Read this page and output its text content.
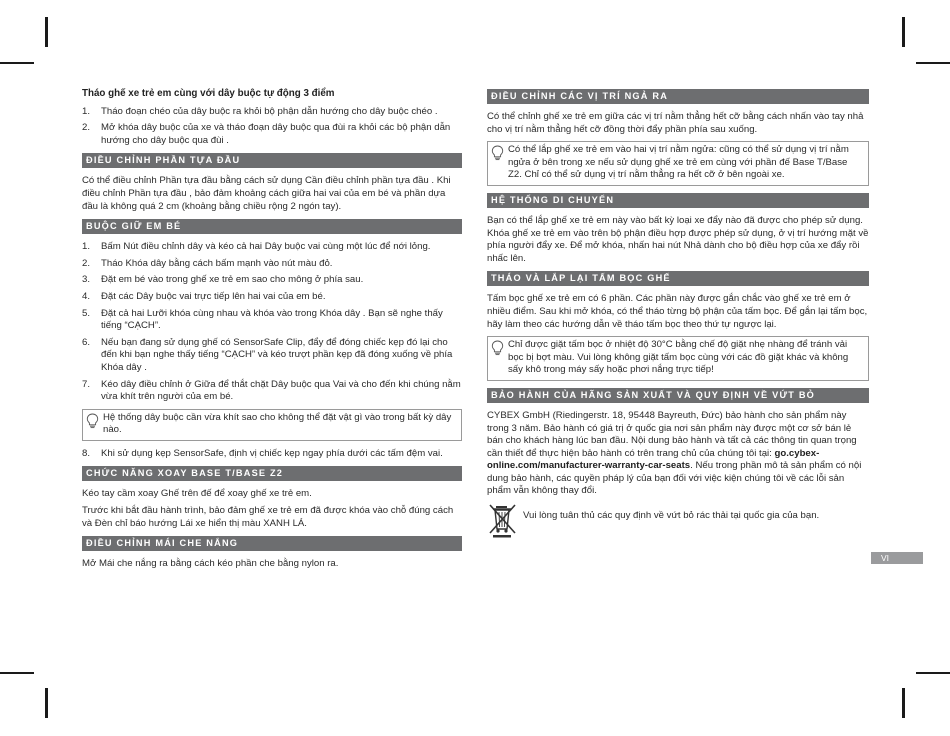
Tháo ghế xe trẻ em cùng với dây buộc tự động 3 điểm
1. Tháo đoạn chéo của dây buộc ra khỏi bộ phận dẫn hướng cho dây buộc chéo .
2. Mở khóa dây buộc của xe và tháo đoạn dây buộc qua đùi ra khỏi các bộ phận dẫn hướng cho dây buộc qua đùi .
ĐIỀU CHỈNH PHẦN TỰA ĐẦU
Có thể điều chỉnh Phần tựa đầu bằng cách sử dụng Cần điều chỉnh phần tựa đầu . Khi điều chỉnh Phần tựa đầu , bảo đảm khoảng cách giữa hai vai của em bé và phần dựa đầu là không quá 2 cm (khoảng bằng chiều rộng 2 ngón tay).
BUỘC GIỮ EM BÉ
1. Bấm Nút điều chỉnh dây và kéo cả hai Dây buộc vai cùng một lúc để nới lỏng.
2. Tháo Khóa dây bằng cách bấm mạnh vào nút màu đỏ.
3. Đặt em bé vào trong ghế xe trẻ em sao cho mông ở phía sau.
4. Đặt các Dây buộc vai trực tiếp lên hai vai của em bé.
5. Đặt cả hai Lưỡi khóa cùng nhau và khóa vào trong Khóa dây . Bạn sẽ nghe thấy tiếng “CẠCH”.
6. Nếu bạn đang sử dụng ghế có SensorSafe Clip, đẩy để đóng chiếc kẹp đó lại cho đến khi bạn nghe thấy tiếng “CẠCH” và kéo trượt phần kẹp đã đóng xuống về phía Khóa dây .
7. Kéo dây điều chỉnh ở Giữa để thắt chặt Dây buộc qua Vai và cho đến khi chúng nằm vừa khít trên người của em bé.
Hệ thống dây buộc cần vừa khít sao cho không thể đặt vật gì vào trong bất kỳ dây nào.
8. Khi sử dụng kẹp SensorSafe, định vị chiếc kẹp ngay phía dưới các tấm đệm vai.
CHỨC NĂNG XOAY BASE T/BASE Z2
Kéo tay cầm xoay Ghế trên đế để xoay ghế xe trẻ em.
Trước khi bắt đầu hành trình, bảo đảm ghế xe trẻ em đã được khóa vào chỗ đúng cách và Đèn chỉ báo hướng Lái xe hiển thị màu XANH LÁ.
ĐIỀU CHỈNH MÁI CHE NẮNG
Mở Mái che nắng ra bằng cách kéo phần che bằng nylon ra.
ĐIỀU CHỈNH CÁC VỊ TRÍ NGẢ RA
Có thể chỉnh ghế xe trẻ em giữa các vị trí nằm thẳng hết cỡ bằng cách nhấn vào tay nhả cho vị trí nằm thẳng hết cỡ đồng thời đẩy phần phía sau xuống.
Có thể lắp ghế xe trẻ em vào hai vị trí nằm ngửa: cũng có thể sử dụng vị trí nằm ngửa ở bên trong xe nếu sử dụng ghế xe trẻ em cùng với phần đế Base T/Base Z2. Chỉ có thể sử dụng vị trí nằm thẳng ra hết cỡ ở bên ngoài xe.
HỆ THỐNG DI CHUYỂN
Bạn có thể lắp ghế xe trẻ em này vào bất kỳ loại xe đẩy nào đã được cho phép sử dụng. Khóa ghế xe trẻ em vào trên bộ phận điều hợp được phép sử dụng, ở vị trí hướng mặt về phía người đẩy xe. Để mở khóa, nhấn hai nút Nhả dành cho bộ điều hợp của xe đẩy rồi nhấc lên.
THÁO VÀ LẮP LẠI TẤM BỌC GHẾ
Tấm bọc ghế xe trẻ em có 6 phần. Các phần này được gắn chắc vào ghế xe trẻ em ở nhiều điểm. Sau khi mở khóa, có thể tháo từng bộ phận của tấm bọc. Để gắn lại tấm bọc, hãy làm theo các hướng dẫn về tháo tấm bọc theo thứ tự ngược lại.
Chỉ được giặt tấm bọc ở nhiệt độ 30°C bằng chế độ giặt nhẹ nhàng để tránh vải bọc bị bợt màu. Vui lòng không giặt tấm bọc cùng với các đồ giặt khác và không sấy khô trong máy sấy hoặc phơi nắng trực tiếp!
BẢO HÀNH CỦA HÃNG SẢN XUẤT VÀ QUY ĐỊNH VỀ VỨT BỎ
CYBEX GmbH (Riedingerstr. 18, 95448 Bayreuth, Đức) bảo hành cho sản phẩm này trong 3 năm. Bảo hành có giá trị ở quốc gia nơi sản phẩm này được một cơ sở bán lẻ bán cho khách hàng lúc ban đầu. Nội dung bảo hành và tất cả các thông tin quan trọng cần thiết để thực hiện bảo hành có trên trang chủ của chúng tôi tại: go.cybex-online.com/manufacturer-warranty-car-seats. Nếu trong phần mô tả sản phẩm có nội dung bảo hành, các quyền pháp lý của bạn đối với việc kiện chúng tôi về các lỗi sản phẩm vẫn không thay đổi.
Vui lòng tuân thủ các quy định về vứt bỏ rác thải tại quốc gia của bạn.
VI
